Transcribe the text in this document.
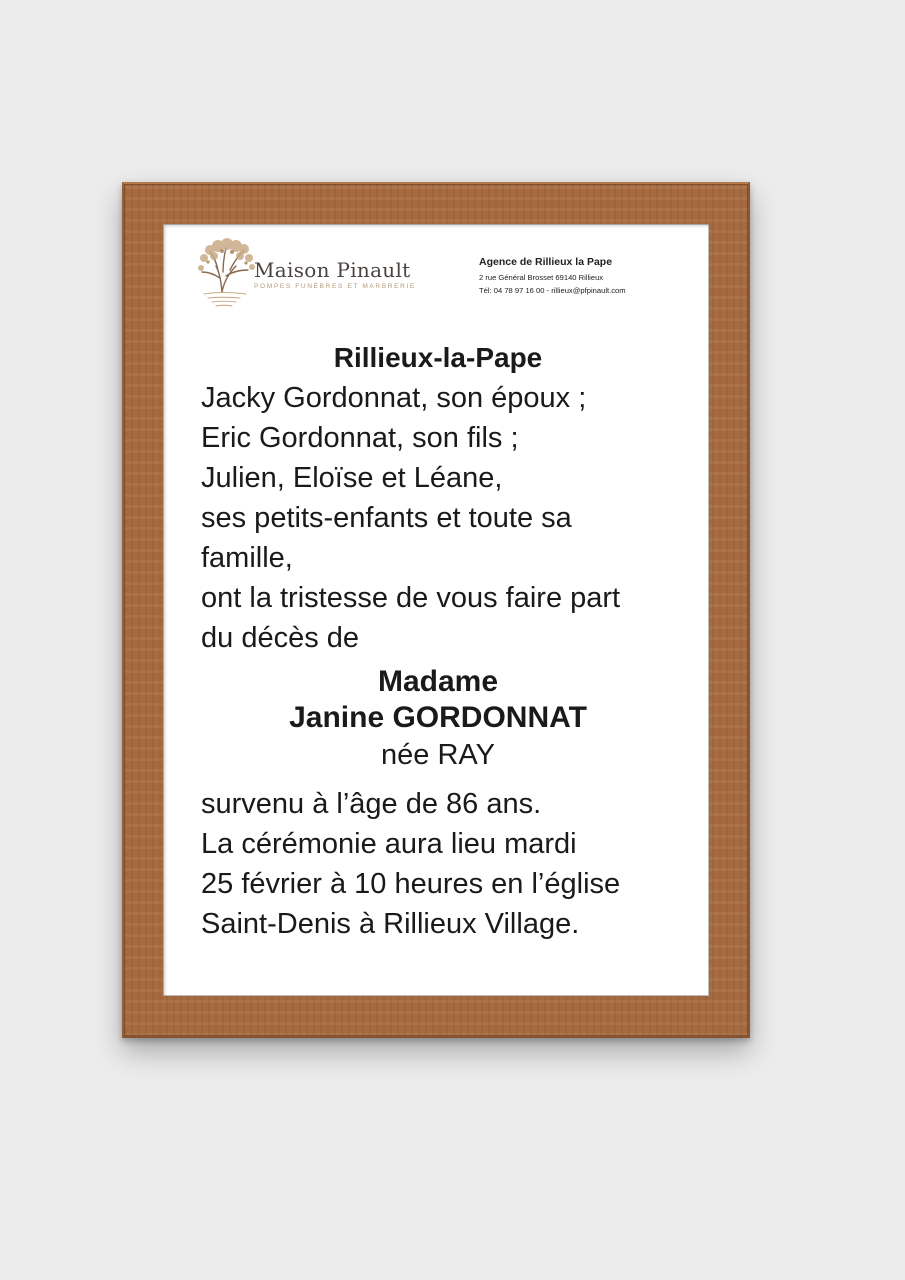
Maison Pinault
POMPES FUNÈBRES ET MARBRERIE
Agence de Rillieux la Pape
2 rue Général Brosset 69140 Rillieux
Tél: 04 78 97 16 00 - rillieux@pfpinault.com
Rillieux-la-Pape
Jacky Gordonnat, son époux ;
Eric Gordonnat, son fils ;
Julien, Eloïse et Léane,
ses petits-enfants et toute sa
famille,
ont la tristesse de vous faire part
du décès de
Madame
Janine GORDONNAT
née RAY
survenu à l’âge de 86 ans.
La cérémonie aura lieu mardi
25 février à 10 heures en l’église
Saint-Denis à Rillieux Village.
